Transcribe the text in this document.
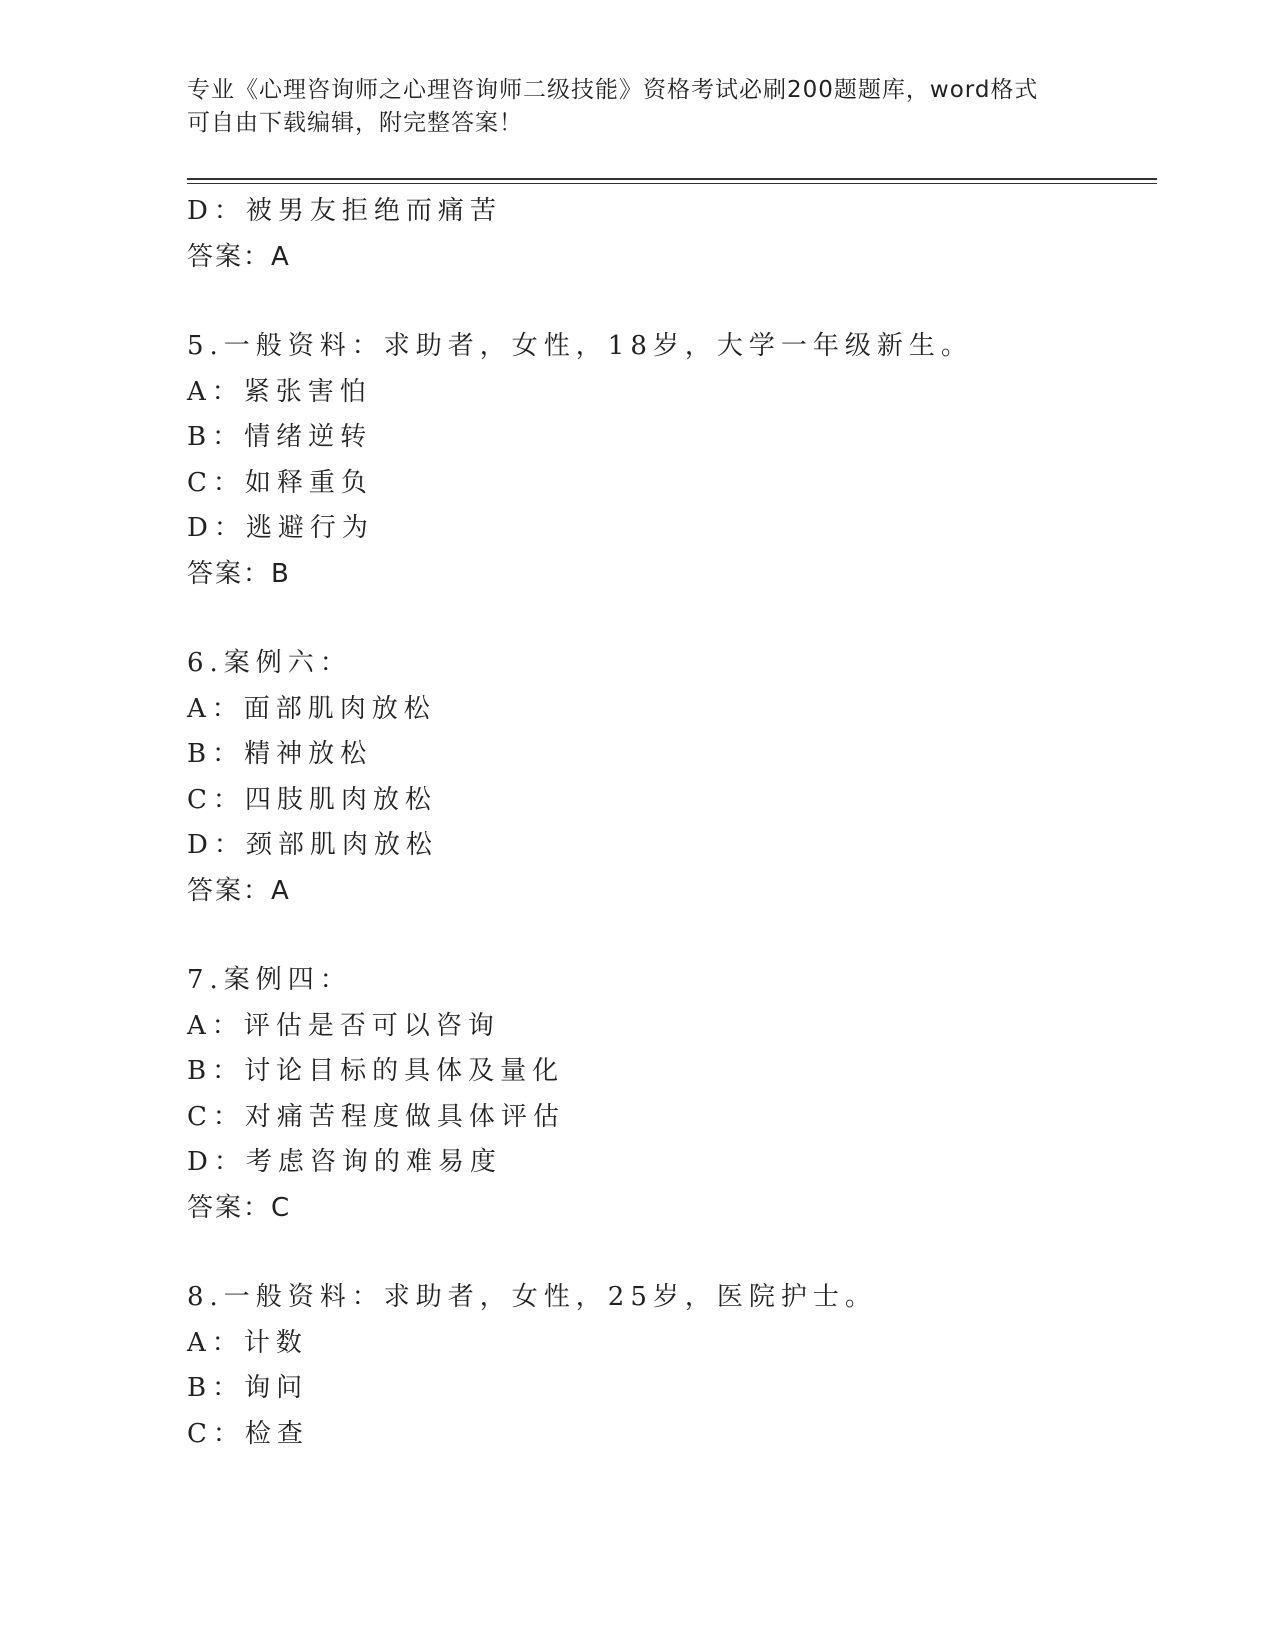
专业《心理咨询师之心理咨询师二级技能》资格考试必刷200题题库，word格式
可自由下载编辑，附完整答案！
D：被男友拒绝而痛苦
答案：A
5.一般资料：求助者，女性，18岁，大学一年级新生。
A：紧张害怕
B：情绪逆转
C：如释重负
D：逃避行为
答案：B
6.案例六：
A：面部肌肉放松
B：精神放松
C：四肢肌肉放松
D：颈部肌肉放松
答案：A
7.案例四：
A：评估是否可以咨询
B：讨论目标的具体及量化
C：对痛苦程度做具体评估
D：考虑咨询的难易度
答案：C
8.一般资料：求助者，女性，25岁，医院护士。
A：计数
B：询问
C：检查
